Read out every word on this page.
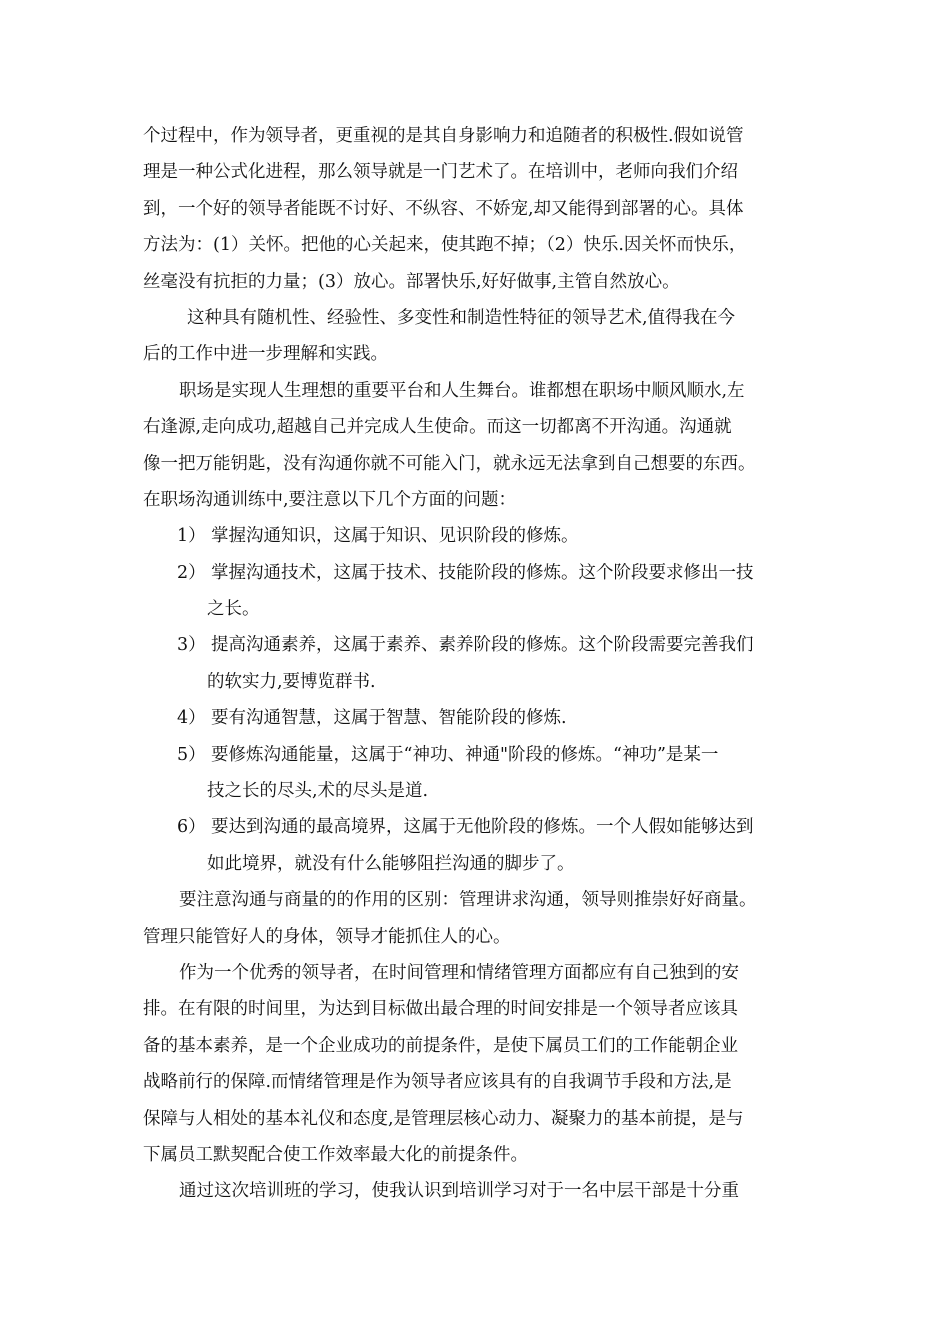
个过程中，作为领导者，更重视的是其自身影响力和追随者的积极性.假如说管
理是一种公式化进程，那么领导就是一门艺术了。在培训中，老师向我们介绍
到，一个好的领导者能既不讨好、不纵容、不娇宠,却又能得到部署的心。具体
方法为：(1）关怀。把他的心关起来，使其跑不掉；（2）快乐.因关怀而快乐，
丝毫没有抗拒的力量；(3）放心。部署快乐,好好做事,主管自然放心。
这种具有随机性、经验性、多变性和制造性特征的领导艺术,值得我在今
后的工作中进一步理解和实践。
职场是实现人生理想的重要平台和人生舞台。谁都想在职场中顺风顺水,左
右逢源,走向成功,超越自己并完成人生使命。而这一切都离不开沟通。沟通就
像一把万能钥匙，没有沟通你就不可能入门，就永远无法拿到自己想要的东西。
在职场沟通训练中,要注意以下几个方面的问题：
1） 掌握沟通知识，这属于知识、见识阶段的修炼。
2） 掌握沟通技术，这属于技术、技能阶段的修炼。这个阶段要求修出一技
之长。
3） 提高沟通素养，这属于素养、素养阶段的修炼。这个阶段需要完善我们
的软实力,要博览群书.
4） 要有沟通智慧，这属于智慧、智能阶段的修炼.
5） 要修炼沟通能量，这属于“神功、神通"阶段的修炼。“神功”是某一
技之长的尽头,术的尽头是道.
6） 要达到沟通的最高境界，这属于无他阶段的修炼。一个人假如能够达到
如此境界，就没有什么能够阻拦沟通的脚步了。
要注意沟通与商量的的作用的区别：管理讲求沟通，领导则推崇好好商量。
管理只能管好人的身体，领导才能抓住人的心。
作为一个优秀的领导者，在时间管理和情绪管理方面都应有自己独到的安
排。在有限的时间里，为达到目标做出最合理的时间安排是一个领导者应该具
备的基本素养，是一个企业成功的前提条件，是使下属员工们的工作能朝企业
战略前行的保障.而情绪管理是作为领导者应该具有的自我调节手段和方法,是
保障与人相处的基本礼仪和态度,是管理层核心动力、凝聚力的基本前提，是与
下属员工默契配合使工作效率最大化的前提条件。
通过这次培训班的学习，使我认识到培训学习对于一名中层干部是十分重
